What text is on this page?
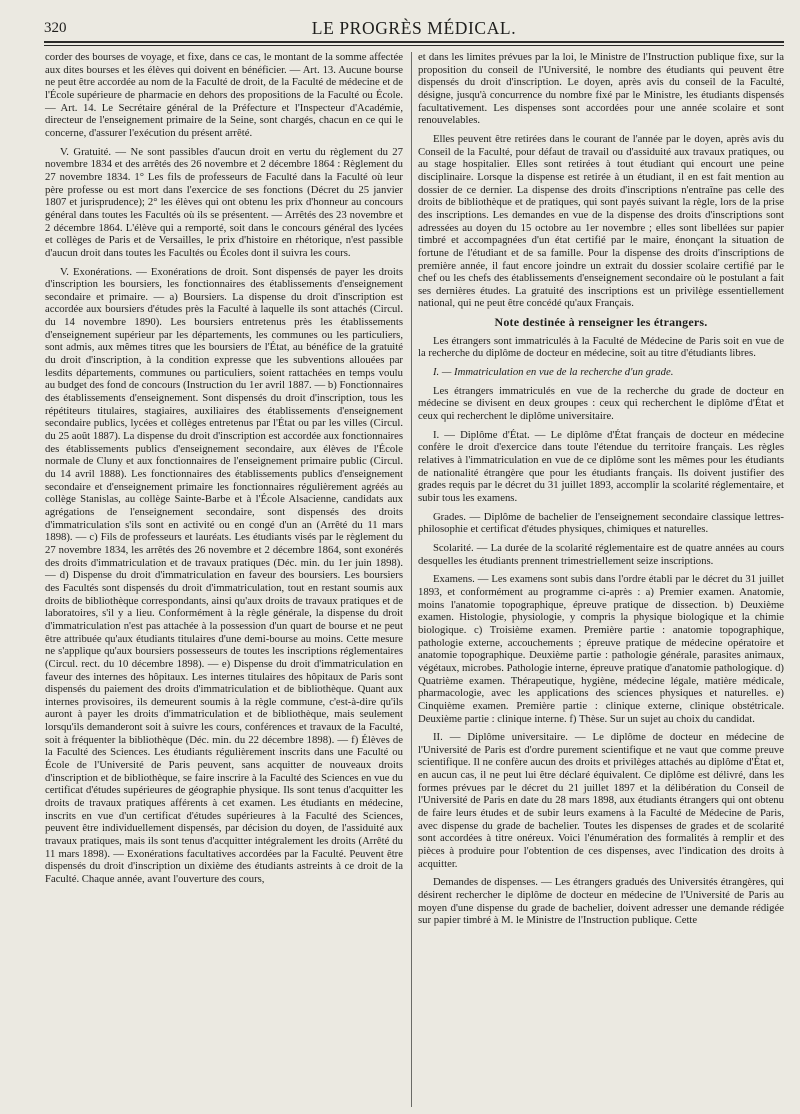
320	LE PROGRÈS MÉDICAL.

corder des bourses de voyage, et fixe, dans ce cas, le montant de la somme affectée aux dites bourses et les élèves qui doivent en bénéficier. — Art. 13. Aucune bourse ne peut être accordée au nom de la Faculté de droit, de la Faculté de médecine et de l'École supérieure de pharmacie en dehors des propositions de la Faculté ou École. — Art. 14. Le Secrétaire général de la Préfecture et l'Inspecteur d'Académie, directeur de l'enseignement primaire de la Seine, sont chargés, chacun en ce qui le concerne, d'assurer l'exécution du présent arrêté.

V. Gratuité. — Ne sont passibles d'aucun droit en vertu du règlement du 27 novembre 1834 et des arrêtés des 26 novembre et 2 décembre 1864 : Règlement du 27 novembre 1834. 1° Les fils de professeurs de Faculté dans la Faculté où leur père professe ou est mort dans l'exercice de ses fonctions (Décret du 25 janvier 1807 et jurisprudence); 2° les élèves qui ont obtenu les prix d'honneur au concours général dans toutes les Facultés où ils se présentent. — Arrêtés des 23 novembre et 2 décembre 1864. L'élève qui a remporté, soit dans le concours général des lycées et collèges de Paris et de Versailles, le prix d'histoire en rhétorique, n'est passible d'aucun droit dans toutes les Facultés ou Écoles dont il suivra les cours.

V. Exonérations. — Exonérations de droit. Sont dispensés de payer les droits d'inscription les boursiers, les fonctionnaires des établissements d'enseignement secondaire et primaire. — a) Boursiers. La dispense du droit d'inscription est accordée aux boursiers d'études près la Faculté à laquelle ils sont attachés (Circul. du 14 novembre 1890). Les boursiers entretenus près les établissements d'enseignement supérieur par les départements, les communes ou les particuliers, sont admis, aux mêmes titres que les boursiers de l'État, au bénéfice de la gratuité du droit d'inscription, à la condition expresse que les subventions allouées par lesdits départements, communes ou particuliers, soient rattachées en temps voulu au budget des fond de concours (Instruction du 1er avril 1887. — b) Fonctionnaires des établissements d'enseignement. Sont dispensés du droit d'inscription, tous les répétiteurs titulaires, stagiaires, auxiliaires des établissements d'enseignement secondaire publics, lycées et collèges entretenus par l'État ou par les villes (Circul. du 25 août 1887). La dispense du droit d'inscription est accordée aux fonctionnaires des établissements publics d'enseignement secondaire, aux élèves de l'École normale de Cluny et aux fonctionnaires de l'enseignement primaire public (Circul. du 14 avril 1888). Les fonctionnaires des établissements publics d'enseignement secondaire et d'enseignement primaire les fonctionnaires régulièrement agréés au collège Stanislas, au collège Sainte-Barbe et à l'École Alsacienne, candidats aux agrégations de l'enseignement secondaire, sont dispensés des droits d'immatriculation s'ils sont en activité ou en congé d'un an (Arrêté du 11 mars 1898). — c) Fils de professeurs et lauréats. Les étudiants visés par le règlement du 27 novembre 1834, les arrêtés des 26 novembre et 2 décembre 1864, sont exonérés des droits d'immatriculation et de travaux pratiques (Déc. min. du 1er juin 1898). — d) Dispense du droit d'immatriculation en faveur des boursiers. Les boursiers des Facultés sont dispensés du droit d'immatriculation, tout en restant soumis aux droits de bibliothèque correspondants, ainsi qu'aux droits de travaux pratiques et de laboratoires, s'il y a lieu. Conformément à la règle générale, la dispense du droit d'immatriculation n'est pas attachée à la possession d'un quart de bourse et ne peut être attribuée qu'aux étudiants titulaires d'une demi-bourse au moins. Cette mesure ne s'applique qu'aux boursiers possesseurs de toutes les inscriptions réglementaires (Circul. rect. du 10 décembre 1898). — e) Dispense du droit d'immatriculation en faveur des internes des hôpitaux. Les internes titulaires des hôpitaux de Paris sont dispensés du paiement des droits d'immatriculation et de bibliothèque. Quant aux internes provisoires, ils demeurent soumis à la règle commune, c'est-à-dire qu'ils auront à payer les droits d'immatriculation et de bibliothèque, mais seulement lorsqu'ils demanderont soit à suivre les cours, conférences et travaux de la Faculté, soit à fréquenter la bibliothèque (Déc. min. du 22 décembre 1898). — f) Élèves de la Faculté des Sciences. Les étudiants régulièrement inscrits dans une Faculté ou École de l'Université de Paris peuvent, sans acquitter de nouveaux droits d'inscription et de bibliothèque, se faire inscrire à la Faculté des Sciences en vue du certificat d'études supérieures de géographie physique. Ils sont tenus d'acquitter les droits de travaux pratiques afférents à cet examen. Les étudiants en médecine, inscrits en vue d'un certificat d'études supérieures à la Faculté des Sciences, peuvent être individuellement dispensés, par décision du doyen, de l'assiduité aux travaux pratiques, mais ils sont tenus d'acquitter intégralement les droits (Arrêté du 11 mars 1898). — Exonérations facultatives accordées par la Faculté. Peuvent être dispensés du droit d'inscription un dixième des étudiants astreints à ce droit de la Faculté. Chaque année, avant l'ouverture des cours,

et dans les limites prévues par la loi, le Ministre de l'Instruction publique fixe, sur la proposition du conseil de l'Université, le nombre des étudiants qui peuvent être dispensés du droit d'inscription. Le doyen, après avis du conseil de la Faculté, désigne, jusqu'à concurrence du nombre fixé par le Ministre, les étudiants dispensés facultativement. Les dispenses sont accordées pour une année scolaire et sont renouvelables.

Elles peuvent être retirées dans le courant de l'année par le doyen, après avis du Conseil de la Faculté, pour défaut de travail ou d'assiduité aux travaux pratiques, ou au stage hospitalier. Elles sont retirées à tout étudiant qui encourt une peine disciplinaire. Lorsque la dispense est retirée à un étudiant, il en est fait mention au dossier de ce dernier. La dispense des droits d'inscriptions n'entraîne pas celle des droits de bibliothèque et de pratiques, qui sont payés suivant la règle, lors de la prise des inscriptions. Les demandes en vue de la dispense des droits d'inscriptions sont adressées au doyen du 15 octobre au 1er novembre ; elles sont libellées sur papier timbré et accompagnées d'un état certifié par le maire, énonçant la situation de fortune de l'étudiant et de sa famille. Pour la dispense des droits d'inscriptions de première année, il faut encore joindre un extrait du dossier scolaire certifié par le chef ou les chefs des établissements d'enseignement secondaire où le postulant a fait ses dernières études. La gratuité des inscriptions est un privilège essentiellement national, qui ne peut être concédé qu'aux Français.

Note destinée à renseigner les étrangers.

Les étrangers sont immatriculés à la Faculté de Médecine de Paris soit en vue de la recherche du diplôme de docteur en médecine, soit au titre d'étudiants libres.

I. — Immatriculation en vue de la recherche d'un grade.

Les étrangers immatriculés en vue de la recherche du grade de docteur en médecine se divisent en deux groupes : ceux qui recherchent le diplôme d'État et ceux qui recherchent le diplôme universitaire.

I. — Diplôme d'État. — Le diplôme d'État français de docteur en médecine confère le droit d'exercice dans toute l'étendue du territoire français. Les règles relatives à l'immatriculation en vue de ce diplôme sont les mêmes pour les étudiants de nationalité étrangère que pour les étudiants français. Ils doivent justifier des grades requis par le décret du 31 juillet 1893, accomplir la scolarité réglementaire, et subir tous les examens.

Grades. — Diplôme de bachelier de l'enseignement secondaire classique lettres-philosophie et certificat d'études physiques, chimiques et naturelles.

Scolarité. — La durée de la scolarité réglementaire est de quatre années au cours desquelles les étudiants prennent trimestriellement seize inscriptions.

Examens. — Les examens sont subis dans l'ordre établi par le décret du 31 juillet 1893, et conformément au programme ci-après : a) Premier examen. Anatomie, moins l'anatomie topographique, épreuve pratique de dissection. b) Deuxième examen. Histologie, physiologie, y compris la physique biologique et la chimie biologique. c) Troisième examen. Première partie : anatomie topographique, pathologie externe, accouchements ; épreuve pratique de médecine opératoire et anatomie topographique. Deuxième partie : pathologie générale, parasites animaux, végétaux, microbes. Pathologie interne, épreuve pratique d'anatomie pathologique. d) Quatrième examen. Thérapeutique, hygiène, médecine légale, matière médicale, pharmacologie, avec les applications des sciences physiques et naturelles. e) Cinquième examen. Première partie : clinique externe, clinique obstétricale. Deuxième partie : clinique interne. f) Thèse. Sur un sujet au choix du candidat.

II. — Diplôme universitaire. — Le diplôme de docteur en médecine de l'Université de Paris est d'ordre purement scientifique et ne vaut que comme preuve scientifique. Il ne confère aucun des droits et privilèges attachés au diplôme d'État et, en aucun cas, il ne peut lui être déclaré équivalent. Ce diplôme est délivré, dans les formes prévues par le décret du 21 juillet 1897 et la délibération du Conseil de l'Université de Paris en date du 28 mars 1898, aux étudiants étrangers qui ont obtenu de faire leurs études et de subir leurs examens à la Faculté de Médecine de Paris, avec dispense du grade de bachelier. Toutes les dispenses de grades et de scolarité sont accordées à titre onéreux. Voici l'énumération des formalités à remplir et des pièces à produire pour l'obtention de ces dispenses, avec l'indication des droits à acquitter.

Demandes de dispenses. — Les étrangers gradués des Universités étrangères, qui désirent rechercher le diplôme de docteur en médecine de l'Université de Paris au moyen d'une dispense du grade de bachelier, doivent adresser une demande rédigée sur papier timbré à M. le Ministre de l'Instruction publique. Cette
